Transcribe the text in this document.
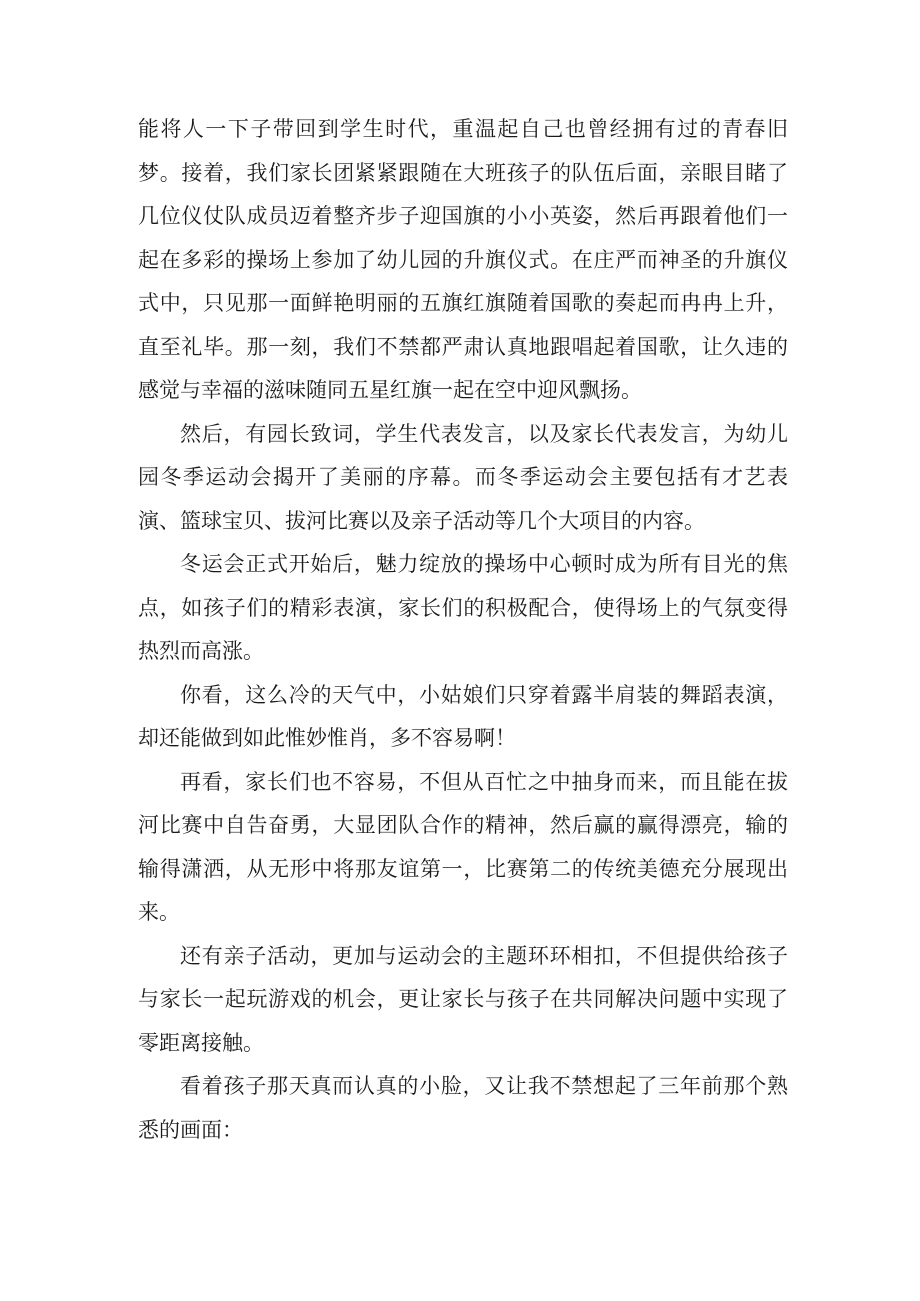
能将人一下子带回到学生时代，重温起自己也曾经拥有过的青春旧梦。接着，我们家长团紧紧跟随在大班孩子的队伍后面，亲眼目睹了几位仪仗队成员迈着整齐步子迎国旗的小小英姿，然后再跟着他们一起在多彩的操场上参加了幼儿园的升旗仪式。在庄严而神圣的升旗仪式中，只见那一面鲜艳明丽的五旗红旗随着国歌的奏起而冉冉上升，直至礼毕。那一刻，我们不禁都严肃认真地跟唱起着国歌，让久违的感觉与幸福的滋味随同五星红旗一起在空中迎风飘扬。

然后，有园长致词，学生代表发言，以及家长代表发言，为幼儿园冬季运动会揭开了美丽的序幕。而冬季运动会主要包括有才艺表演、篮球宝贝、拔河比赛以及亲子活动等几个大项目的内容。

冬运会正式开始后，魅力绽放的操场中心顿时成为所有目光的焦点，如孩子们的精彩表演，家长们的积极配合，使得场上的气氛变得热烈而高涨。

你看，这么冷的天气中，小姑娘们只穿着露半肩装的舞蹈表演，却还能做到如此惟妙惟肖，多不容易啊！

再看，家长们也不容易，不但从百忙之中抽身而来，而且能在拔河比赛中自告奋勇，大显团队合作的精神，然后赢的赢得漂亮，输的输得潇洒，从无形中将那友谊第一，比赛第二的传统美德充分展现出来。

还有亲子活动，更加与运动会的主题环环相扣，不但提供给孩子与家长一起玩游戏的机会，更让家长与孩子在共同解决问题中实现了零距离接触。

看着孩子那天真而认真的小脸，又让我不禁想起了三年前那个熟悉的画面：
